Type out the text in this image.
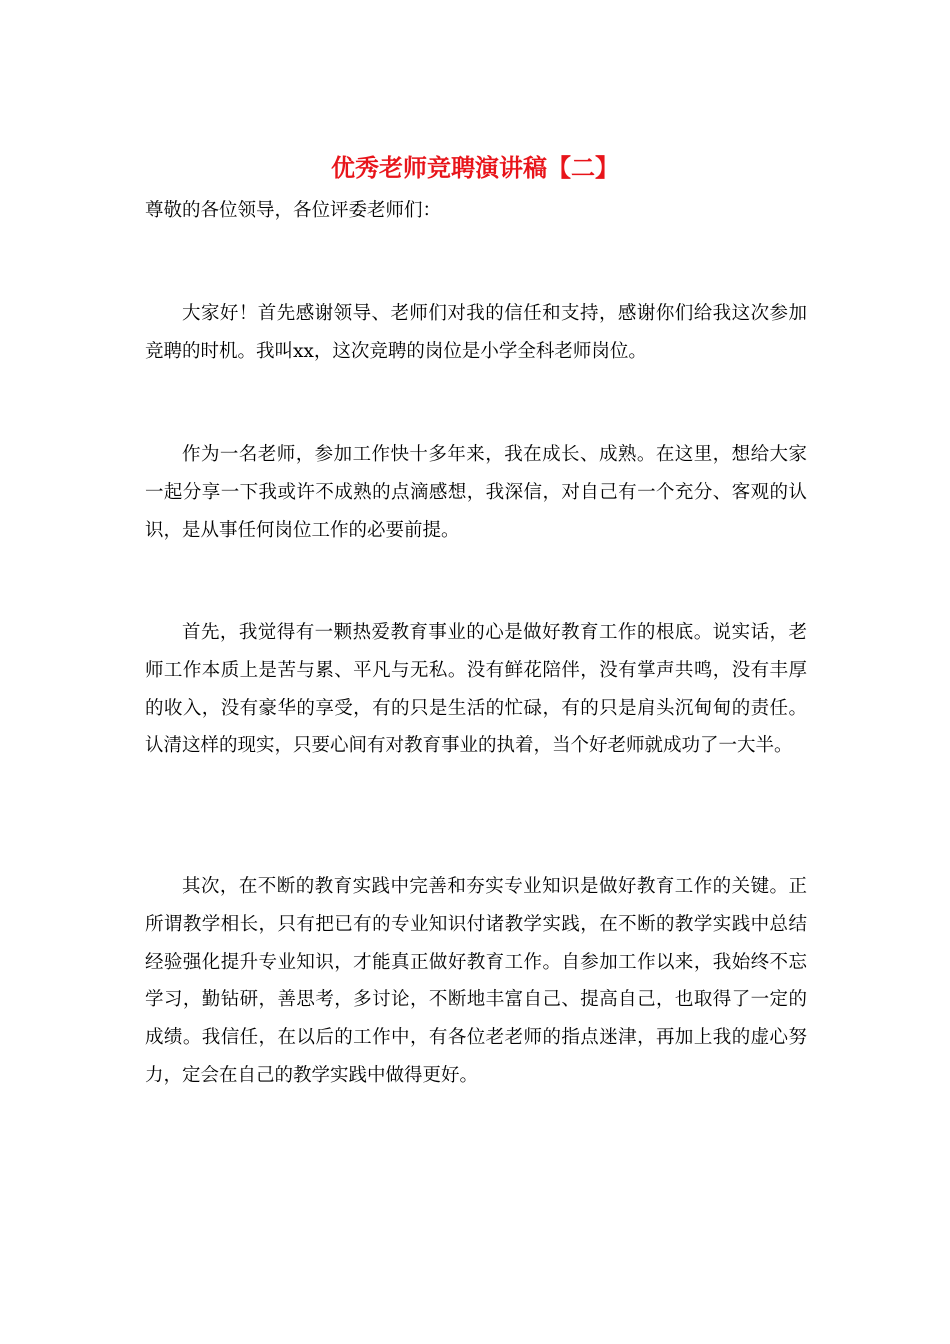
优秀老师竞聘演讲稿【二】

尊敬的各位领导，各位评委老师们：

大家好！首先感谢领导、老师们对我的信任和支持，感谢你们给我这次参加竞聘的时机。我叫xx，这次竞聘的岗位是小学全科老师岗位。

作为一名老师，参加工作快十多年来，我在成长、成熟。在这里，想给大家一起分享一下我或许不成熟的点滴感想，我深信，对自己有一个充分、客观的认识，是从事任何岗位工作的必要前提。

首先，我觉得有一颗热爱教育事业的心是做好教育工作的根底。说实话，老师工作本质上是苦与累、平凡与无私。没有鲜花陪伴，没有掌声共鸣，没有丰厚的收入，没有豪华的享受，有的只是生活的忙碌，有的只是肩头沉甸甸的责任。认清这样的现实，只要心间有对教育事业的执着，当个好老师就成功了一大半。

其次，在不断的教育实践中完善和夯实专业知识是做好教育工作的关键。正所谓教学相长，只有把已有的专业知识付诸教学实践，在不断的教学实践中总结经验强化提升专业知识，才能真正做好教育工作。自参加工作以来，我始终不忘学习，勤钻研，善思考，多讨论，不断地丰富自己、提高自己，也取得了一定的成绩。我信任，在以后的工作中，有各位老老师的指点迷津，再加上我的虚心努力，定会在自己的教学实践中做得更好。
